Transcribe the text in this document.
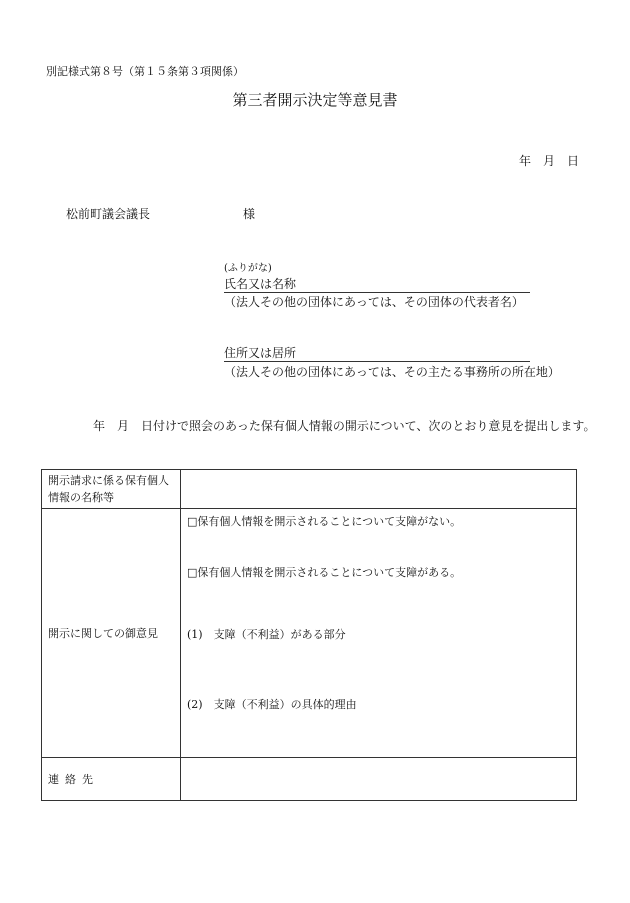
別記様式第８号（第１５条第３項関係）
第三者開示決定等意見書
年　月　日
松前町議会議長	様
(ふりがな)
氏名又は名称
（法人その他の団体にあっては、その団体の代表者名）
住所又は居所
（法人その他の団体にあっては、その主たる事務所の所在地）
年　月　日付けで照会のあった保有個人情報の開示について、次のとおり意見を提出します。
開示請求に係る保有個人情報の名称等	
開示に関しての御意見	□保有個人情報を開示されることについて支障がない。
□保有個人情報を開示されることについて支障がある。
(1)　支障（不利益）がある部分
(2)　支障（不利益）の具体的理由

連絡先	
